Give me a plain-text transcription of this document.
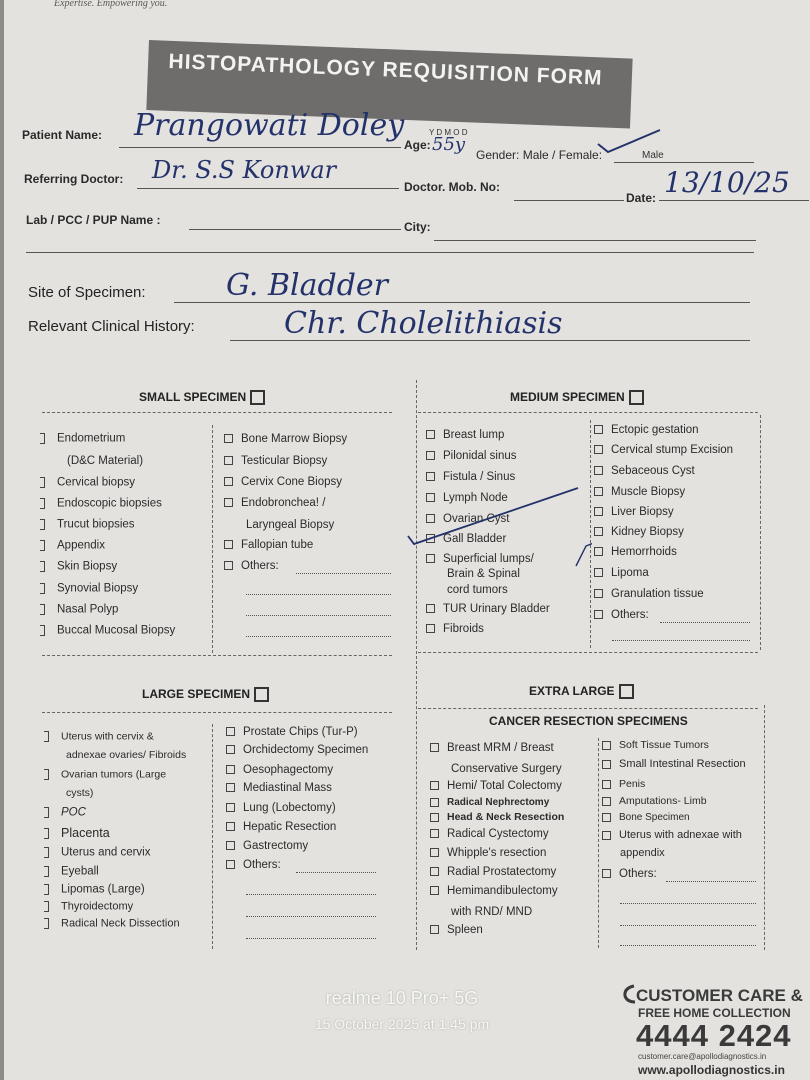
Expertise. Empowering you.
HISTOPATHOLOGY REQUISITION FORM
Patient Name: Prangowati Doley
Age:
Y D M O D
55y Gender: Male / Female:	Male
Referring Doctor: Dr. S.S Konwar
Doctor. Mob. No:
Date: 13/10/25
Lab / PCC / PUP Name :	City:
Site of Specimen:	G. Bladder
Relevant Clinical History:	Chr. Cholelithiasis
SMALL SPECIMEN
Endometrium
(D&C Material)
Cervical biopsy
Endoscopic biopsies
Trucut biopsies
Appendix
Skin Biopsy
Synovial Biopsy
Nasal Polyp
Buccal Mucosal Biopsy
Bone Marrow Biopsy
Testicular Biopsy
Cervix Cone Biopsy
Endobronchea! /
Laryngeal Biopsy
Fallopian tube
Others:
MEDIUM SPECIMEN
Breast lump
Pilonidal sinus
Fistula / Sinus
Lymph Node
Ovarian Cyst
Gall Bladder
Superficial lumps/
Brain & Spinal
cord tumors
TUR Urinary Bladder
Fibroids
Ectopic gestation
Cervical stump Excision
Sebaceous Cyst
Muscle Biopsy
Liver Biopsy
Kidney Biopsy
Hemorrhoids
Lipoma
Granulation tissue
Others:
LARGE SPECIMEN
Uterus with cervix &
adnexae ovaries/ Fibroids
Ovarian tumors (Large
cysts)
POC
Placenta
Uterus and cervix
Eyeball
Lipomas (Large)
Thyroidectomy
Radical Neck Dissection
Prostate Chips (Tur-P)
Orchidectomy Specimen
Oesophagectomy
Mediastinal Mass
Lung (Lobectomy)
Hepatic Resection
Gastrectomy
Others:
EXTRA LARGE
CANCER RESECTION SPECIMENS
Breast MRM / Breast
Conservative Surgery
Hemi/ Total Colectomy
Radical Nephrectomy
Head & Neck Resection
Radical Cystectomy
Whipple's resection
Radial Prostatectomy
Hemimandibulectomy
with RND/ MND
Spleen
Soft Tissue Tumors
Small Intestinal Resection
Penis
Amputations- Limb
Bone Specimen
Uterus with adnexae with
appendix
Others:
realme 10 Pro+ 5G
15 October 2025 at 1:45 pm
CUSTOMER CARE &
FREE HOME COLLECTION
4444 2424
customer.care@apollodiagnostics.in
www.apollodiagnostics.in
